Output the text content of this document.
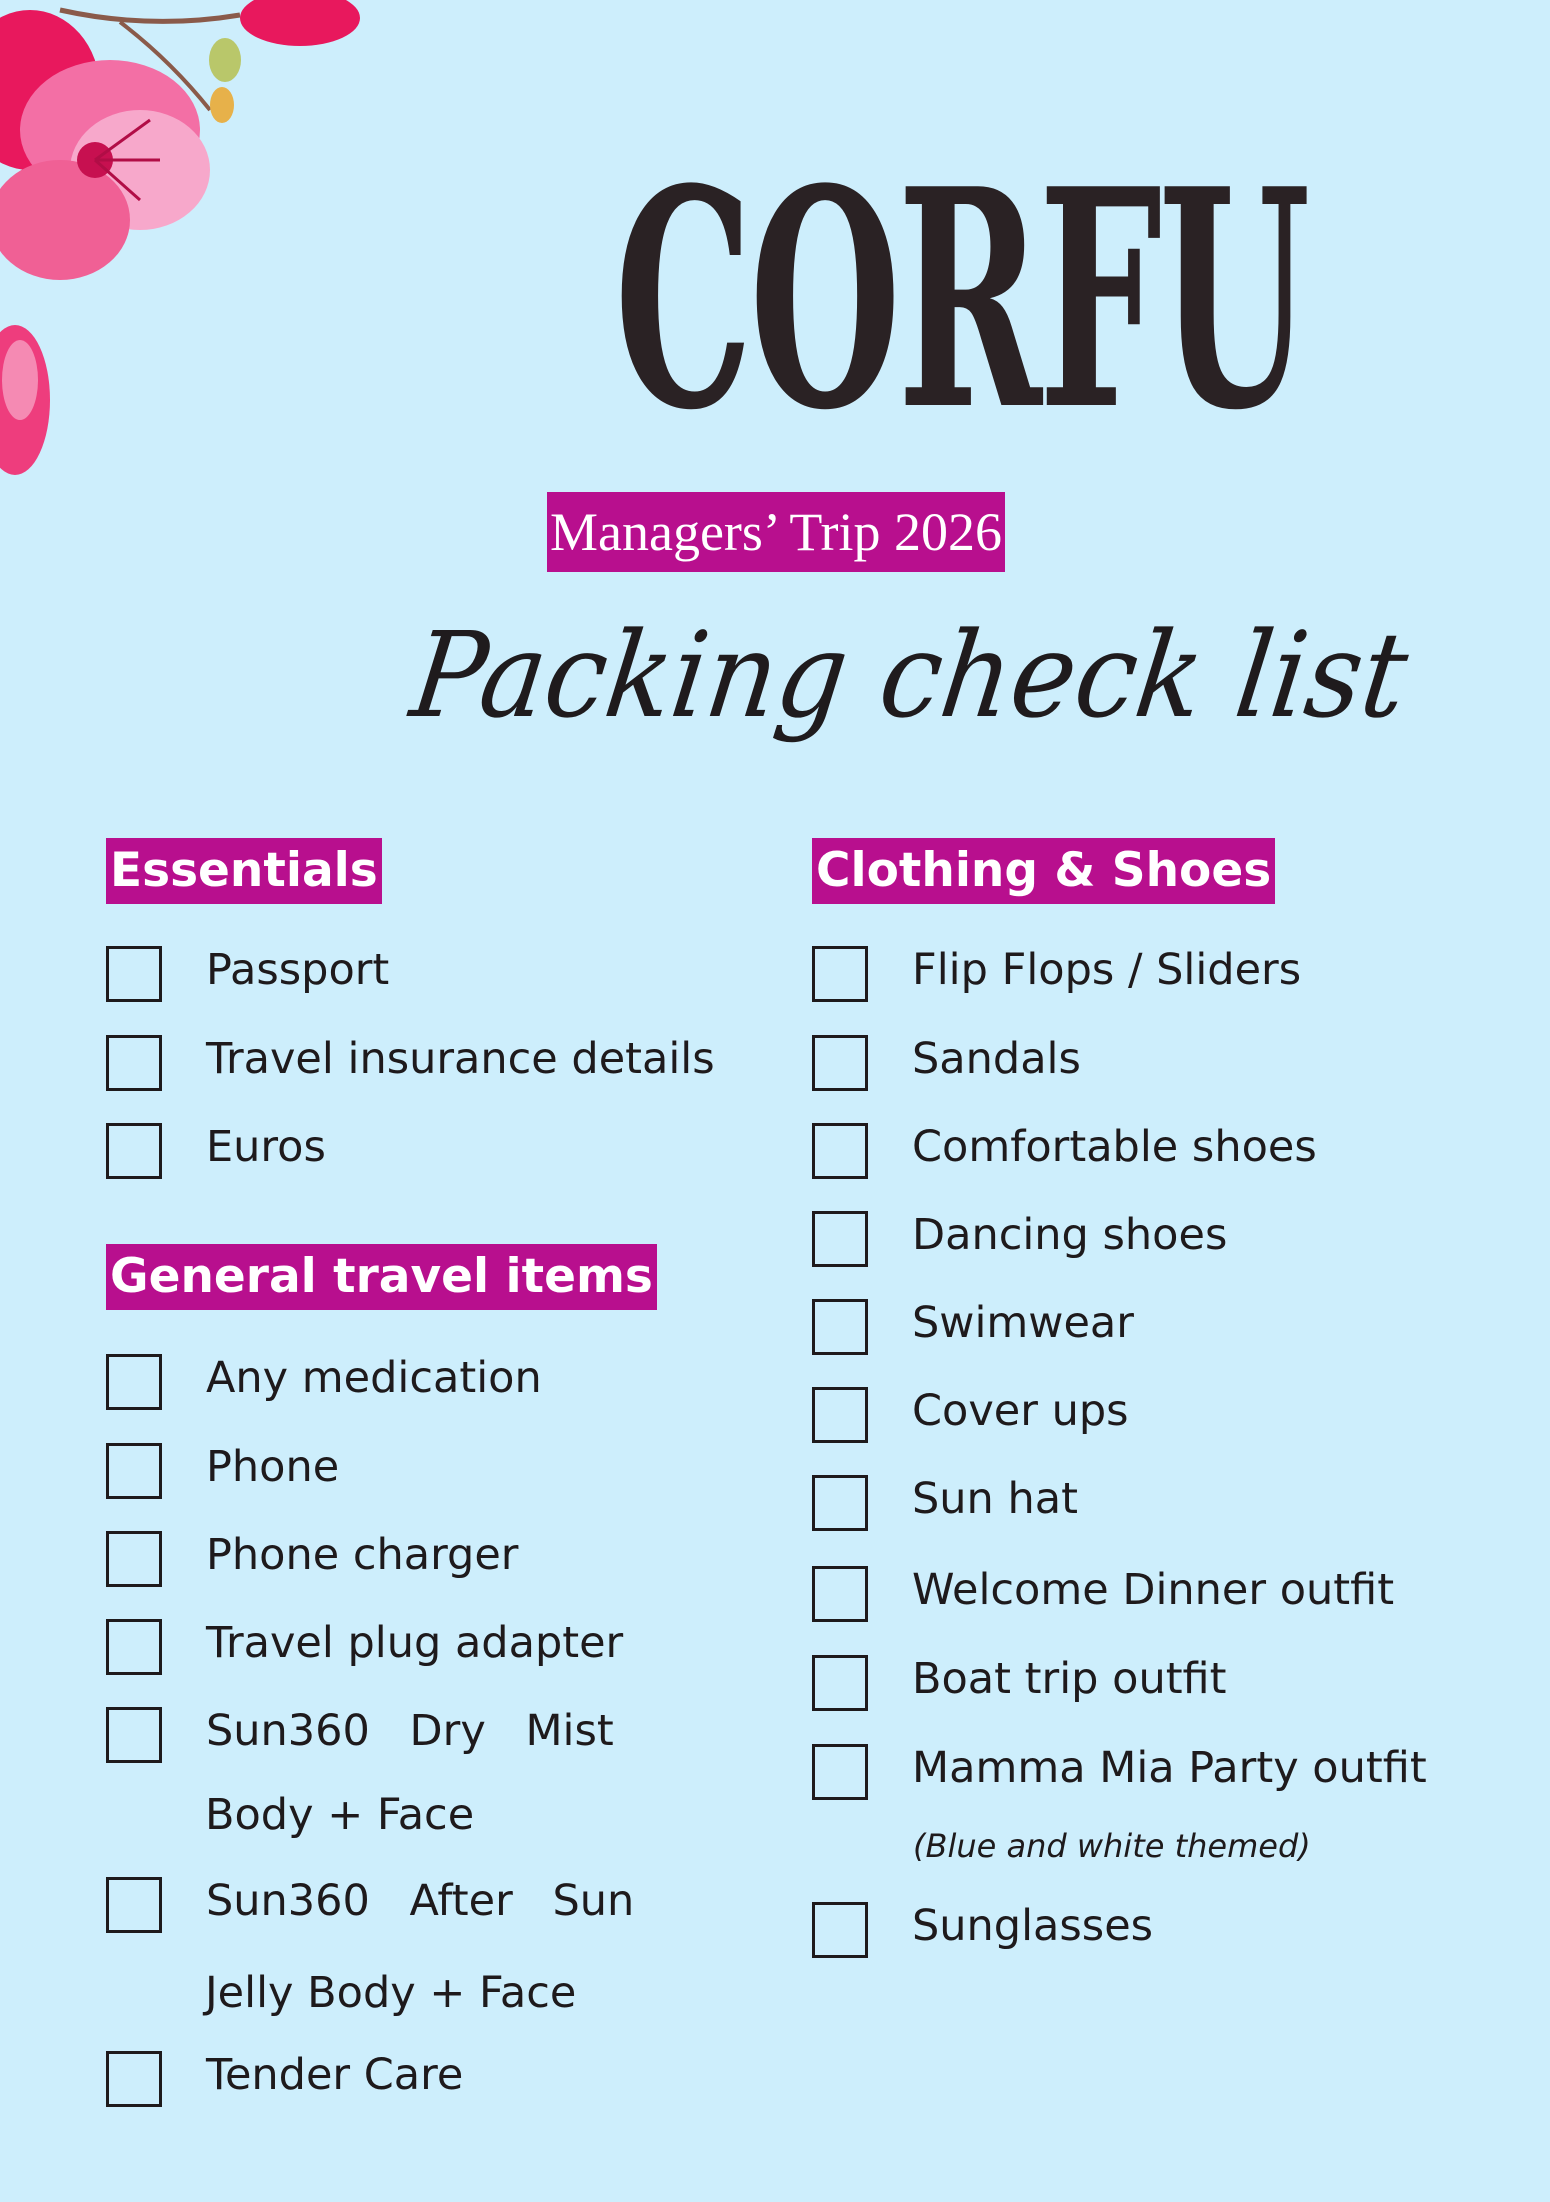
CORFU
Managers’ Trip 2026
Packing check list
Essentials
Passport
Travel insurance details
Euros
General travel items
Any medication
Phone
Phone charger
Travel plug adapter
Sun360 Dry Mist
Body + Face
Sun360 After Sun
Jelly Body + Face
Tender Care
Clothing & Shoes
Flip Flops / Sliders
Sandals
Comfortable shoes
Dancing shoes
Swimwear
Cover ups
Sun hat
Welcome Dinner outfit
Boat trip outfit
Mamma Mia Party outfit
(Blue and white themed)
Sunglasses
